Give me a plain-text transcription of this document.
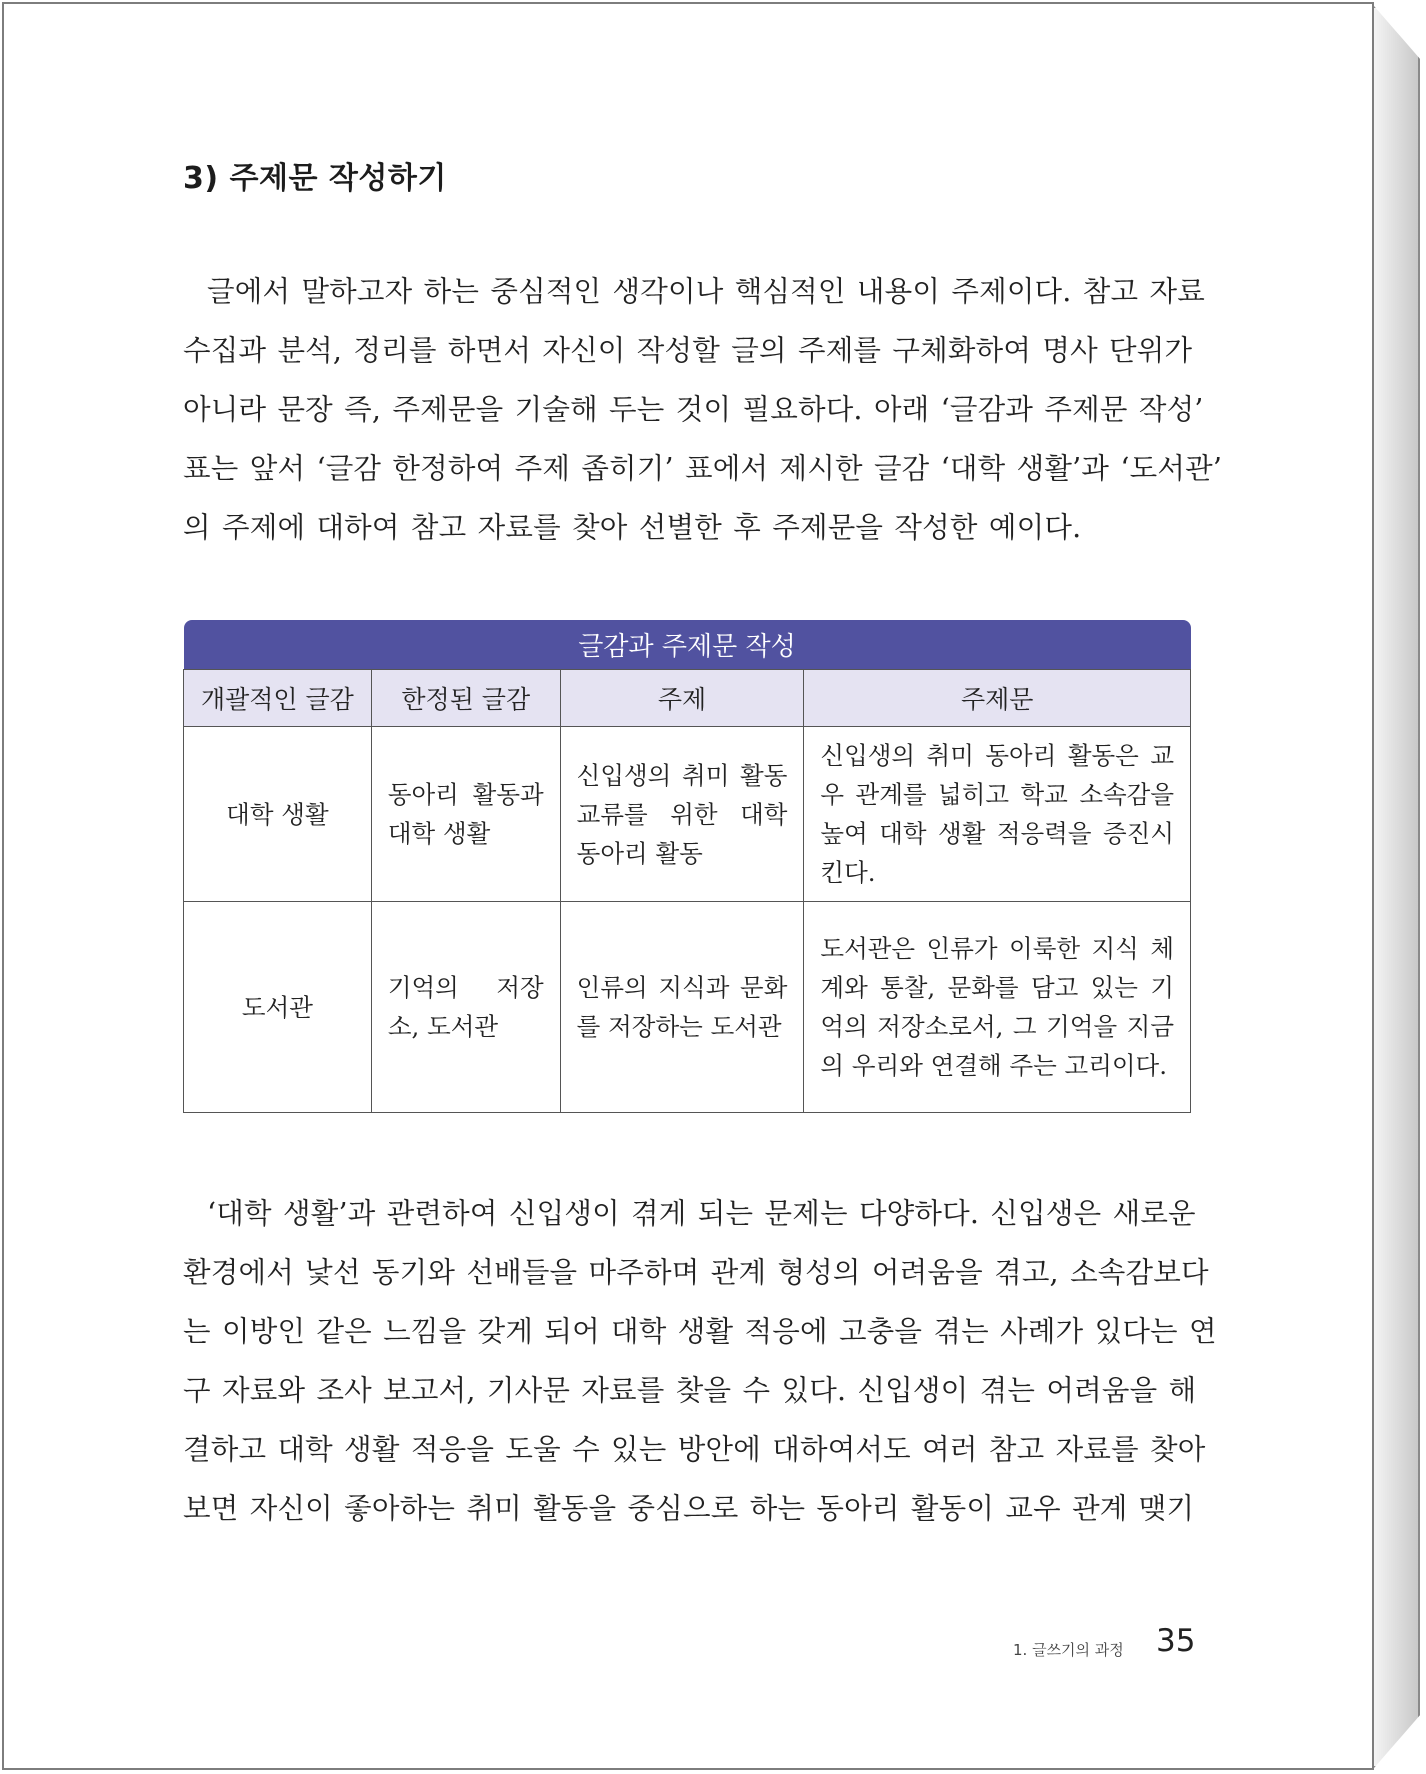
3) 주제문 작성하기
글에서 말하고자 하는 중심적인 생각이나 핵심적인 내용이 주제이다. 참고 자료
수집과 분석, 정리를 하면서 자신이 작성할 글의 주제를 구체화하여 명사 단위가
아니라 문장 즉, 주제문을 기술해 두는 것이 필요하다. 아래 ‘글감과 주제문 작성’
표는 앞서 ‘글감 한정하여 주제 좁히기’ 표에서 제시한 글감 ‘대학 생활’과 ‘도서관’
의 주제에 대하여 참고 자료를 찾아 선별한 후 주제문을 작성한 예이다.
글감과 주제문 작성			
개괄적인 글감	한정된 글감	주제	주제문
대학 생활	동아리 활동과 대학 생활	신입생의 취미 활동 교류를 위한 대학 동아리 활동	신입생의 취미 동아리 활동은 교우 관계를 넓히고 학교 소속감을 높여 대학 생활 적응력을 증진시킨다.
도서관	기억의 저장소, 도서관	인류의 지식과 문화를 저장하는 도서관	도서관은 인류가 이룩한 지식 체계와 통찰, 문화를 담고 있는 기억의 저장소로서, 그 기억을 지금의 우리와 연결해 주는 고리이다.
‘대학 생활’과 관련하여 신입생이 겪게 되는 문제는 다양하다. 신입생은 새로운
환경에서 낯선 동기와 선배들을 마주하며 관계 형성의 어려움을 겪고, 소속감보다
는 이방인 같은 느낌을 갖게 되어 대학 생활 적응에 고충을 겪는 사례가 있다는 연
구 자료와 조사 보고서, 기사문 자료를 찾을 수 있다. 신입생이 겪는 어려움을 해
결하고 대학 생활 적응을 도울 수 있는 방안에 대하여서도 여러 참고 자료를 찾아
보면 자신이 좋아하는 취미 활동을 중심으로 하는 동아리 활동이 교우 관계 맺기
1. 글쓰기의 과정 35
